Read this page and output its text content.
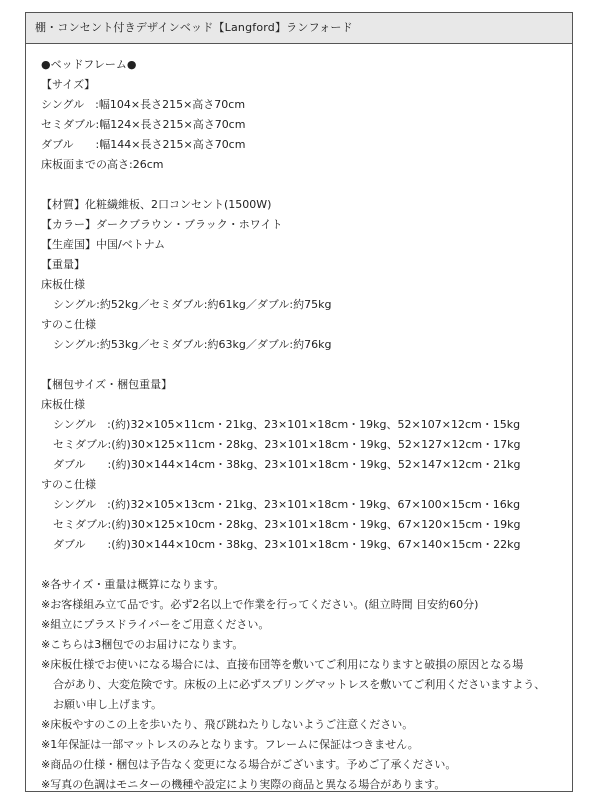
棚・コンセント付きデザインベッド【Langford】ランフォード
●ベッドフレーム●
【サイズ】
シングル　:幅104×長さ215×高さ70cm
セミダブル:幅124×長さ215×高さ70cm
ダブル　　:幅144×長さ215×高さ70cm
床板面までの高さ:26cm
【材質】化粧繊維板、2口コンセント(1500W)
【カラー】ダークブラウン・ブラック・ホワイト
【生産国】中国/ベトナム
【重量】
床板仕様
シングル:約52kg／セミダブル:約61kg／ダブル:約75kg
すのこ仕様
シングル:約53kg／セミダブル:約63kg／ダブル:約76kg
【梱包サイズ・梱包重量】
床板仕様
シングル　:(約)32×105×11cm・21kg、23×101×18cm・19kg、52×107×12cm・15kg
セミダブル:(約)30×125×11cm・28kg、23×101×18cm・19kg、52×127×12cm・17kg
ダブル　　:(約)30×144×14cm・38kg、23×101×18cm・19kg、52×147×12cm・21kg
すのこ仕様
シングル　:(約)32×105×13cm・21kg、23×101×18cm・19kg、67×100×15cm・16kg
セミダブル:(約)30×125×10cm・28kg、23×101×18cm・19kg、67×120×15cm・19kg
ダブル　　:(約)30×144×10cm・38kg、23×101×18cm・19kg、67×140×15cm・22kg
※各サイズ・重量は概算になります。
※お客様組み立て品です。必ず2名以上で作業を行ってください。(組立時間 目安約60分)
※組立にプラスドライバーをご用意ください。
※こちらは3梱包でのお届けになります。
※床板仕様でお使いになる場合には、直接布団等を敷いてご利用になりますと破損の原因となる場
合があり、大変危険です。床板の上に必ずスプリングマットレスを敷いてご利用くださいますよう、
お願い申し上げます。
※床板やすのこの上を歩いたり、飛び跳ねたりしないようご注意ください。
※1年保証は一部マットレスのみとなります。フレームに保証はつきません。
※商品の仕様・梱包は予告なく変更になる場合がございます。予めご了承ください。
※写真の色調はモニターの機種や設定により実際の商品と異なる場合があります。
